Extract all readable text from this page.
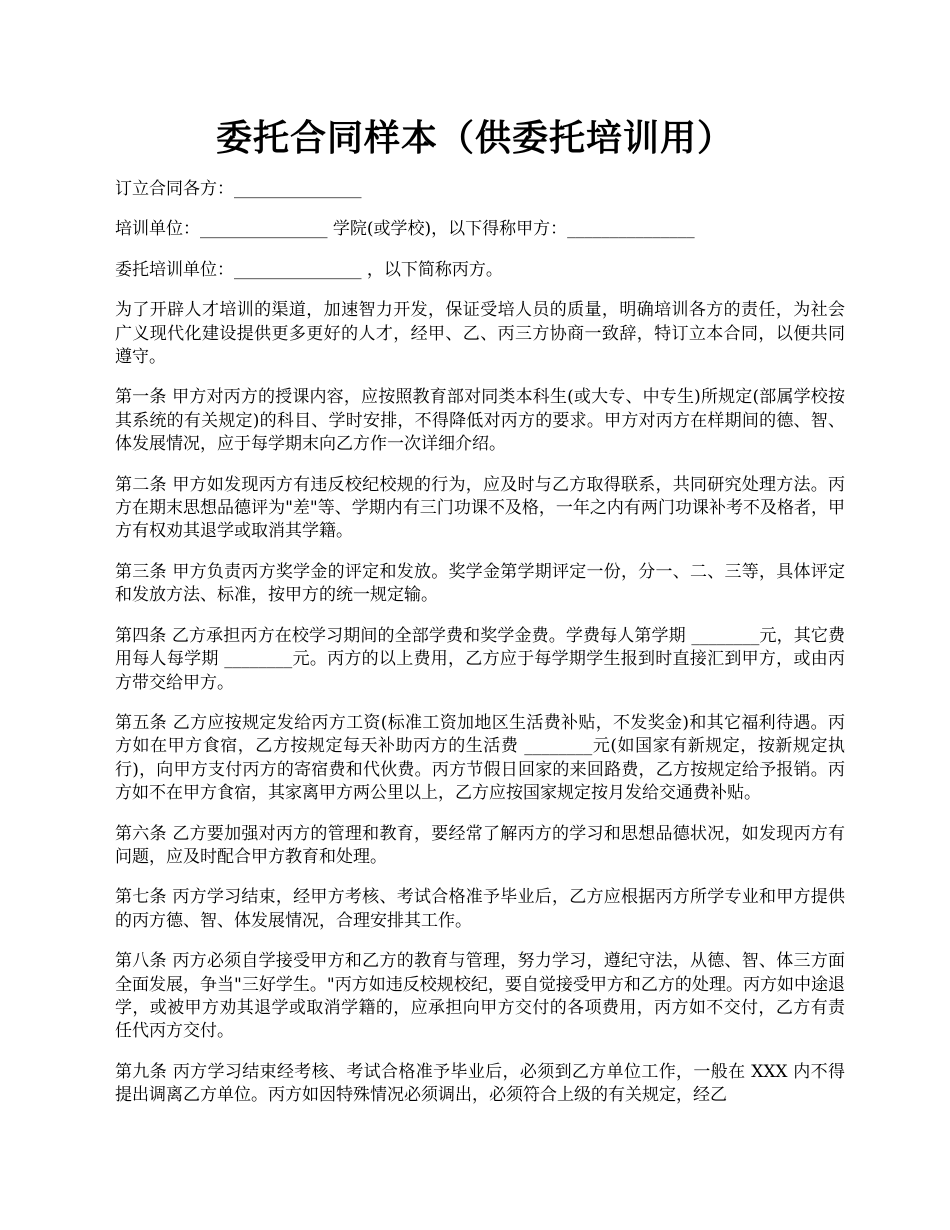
委托合同样本（供委托培训用）

订立合同各方：_______________

培训单位：_______________ 学院(或学校)，以下得称甲方：_______________

委托培训单位：_______________ ，以下简称丙方。

为了开辟人才培训的渠道，加速智力开发，保证受培人员的质量，明确培训各方的责任，为社会广义现代化建设提供更多更好的人才，经甲、乙、丙三方协商一致辞，特订立本合同，以便共同遵守。

第一条 甲方对丙方的授课内容，应按照教育部对同类本科生(或大专、中专生)所规定(部属学校按其系统的有关规定)的科目、学时安排，不得降低对丙方的要求。甲方对丙方在样期间的德、智、体发展情况，应于每学期末向乙方作一次详细介绍。

第二条 甲方如发现丙方有违反校纪校规的行为，应及时与乙方取得联系，共同研究处理方法。丙方在期末思想品德评为"差"等、学期内有三门功课不及格，一年之内有两门功课补考不及格者，甲方有权劝其退学或取消其学籍。

第三条 甲方负责丙方奖学金的评定和发放。奖学金第学期评定一份，分一、二、三等，具体评定和发放方法、标准，按甲方的统一规定输。

第四条 乙方承担丙方在校学习期间的全部学费和奖学金费。学费每人第学期 ________元，其它费用每人每学期 ________元。丙方的以上费用，乙方应于每学期学生报到时直接汇到甲方，或由丙方带交给甲方。

第五条 乙方应按规定发给丙方工资(标准工资加地区生活费补贴，不发奖金)和其它福利待遇。丙方如在甲方食宿，乙方按规定每天补助丙方的生活费 ________元(如国家有新规定，按新规定执行)，向甲方支付丙方的寄宿费和代伙费。丙方节假日回家的来回路费，乙方按规定给予报销。丙方如不在甲方食宿，其家离甲方两公里以上，乙方应按国家规定按月发给交通费补贴。

第六条 乙方要加强对丙方的管理和教育，要经常了解丙方的学习和思想品德状况，如发现丙方有问题，应及时配合甲方教育和处理。

第七条 丙方学习结束，经甲方考核、考试合格准予毕业后，乙方应根据丙方所学专业和甲方提供的丙方德、智、体发展情况，合理安排其工作。

第八条 丙方必须自学接受甲方和乙方的教育与管理，努力学习，遵纪守法，从德、智、体三方面全面发展，争当"三好学生。"丙方如违反校规校纪，要自觉接受甲方和乙方的处理。丙方如中途退学，或被甲方劝其退学或取消学籍的，应承担向甲方交付的各项费用，丙方如不交付，乙方有责任代丙方交付。

第九条 丙方学习结束经考核、考试合格准予毕业后，必须到乙方单位工作，一般在 XXX 内不得提出调离乙方单位。丙方如因特殊情况必须调出，必须符合上级的有关规定，经乙
